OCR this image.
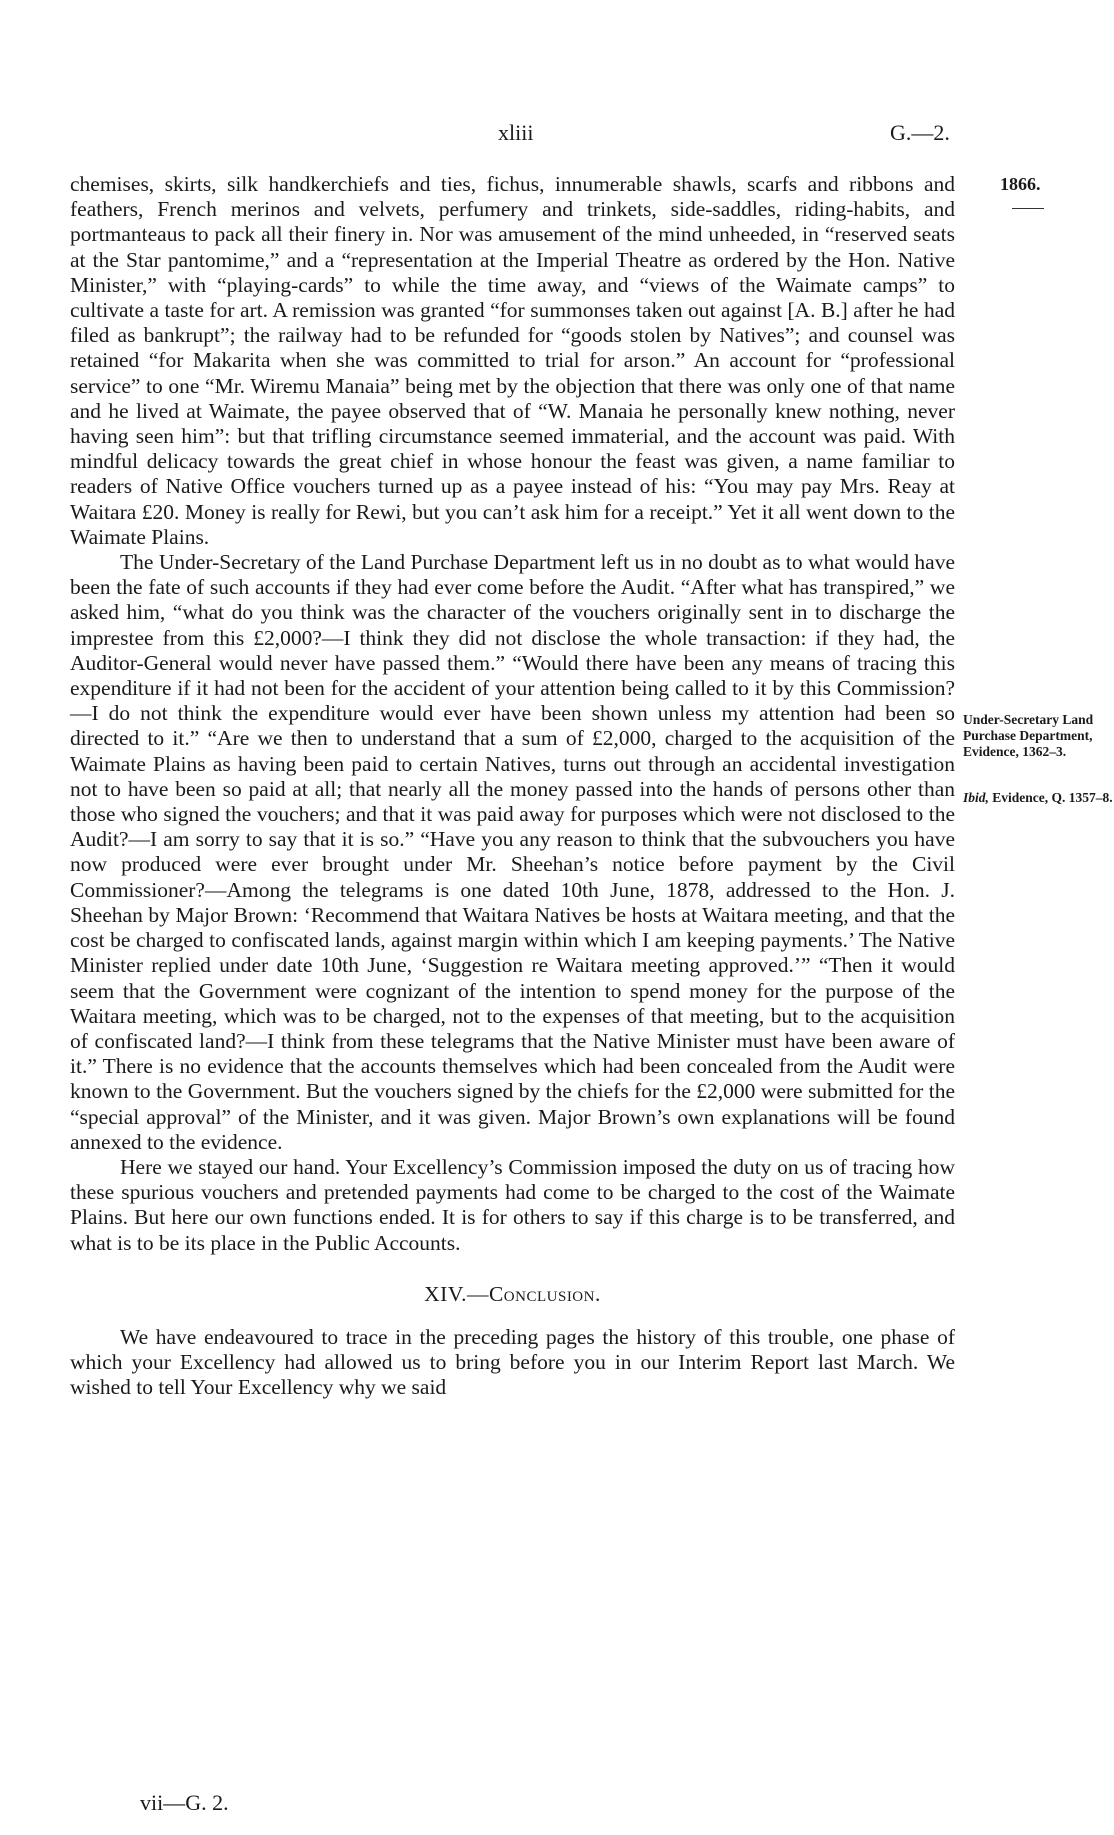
xliii	G.—2.
1866.
Under-Secretary Land Purchase Department, Evidence, 1362–3.
Ibid, Evidence, Q. 1357–8.

chemises, skirts, silk handkerchiefs and ties, fichus, innumerable shawls, scarfs and ribbons and feathers, French merinos and velvets, perfumery and trinkets, side-saddles, riding-habits, and portmanteaus to pack all their finery in. Nor was amusement of the mind unheeded, in “reserved seats at the Star pantomime,” and a “representation at the Imperial Theatre as ordered by the Hon. Native Minister,” with “playing-cards” to while the time away, and “views of the Waimate camps” to cultivate a taste for art. A remission was granted “for summonses taken out against [A. B.] after he had filed as bankrupt”; the railway had to be refunded for “goods stolen by Natives”; and counsel was retained “for Makarita when she was committed to trial for arson.” An account for “professional service” to one “Mr. Wiremu Manaia” being met by the objection that there was only one of that name and he lived at Waimate, the payee observed that of “W. Manaia he personally knew nothing, never having seen him”: but that trifling circumstance seemed immaterial, and the account was paid. With mindful delicacy towards the great chief in whose honour the feast was given, a name familiar to readers of Native Office vouchers turned up as a payee instead of his: “You may pay Mrs. Reay at Waitara £20. Money is really for Rewi, but you can’t ask him for a receipt.” Yet it all went down to the Waimate Plains.

The Under-Secretary of the Land Purchase Department left us in no doubt as to what would have been the fate of such accounts if they had ever come before the Audit. “After what has transpired,” we asked him, “what do you think was the character of the vouchers originally sent in to discharge the imprestee from this £2,000?—I think they did not disclose the whole transaction: if they had, the Auditor-General would never have passed them.” “Would there have been any means of tracing this expenditure if it had not been for the accident of your attention being called to it by this Commission?—I do not think the expenditure would ever have been shown unless my attention had been so directed to it.” “Are we then to understand that a sum of £2,000, charged to the acquisition of the Waimate Plains as having been paid to certain Natives, turns out through an accidental investigation not to have been so paid at all; that nearly all the money passed into the hands of persons other than those who signed the vouchers; and that it was paid away for purposes which were not disclosed to the Audit?—I am sorry to say that it is so.” “Have you any reason to think that the subvouchers you have now produced were ever brought under Mr. Sheehan’s notice before payment by the Civil Commissioner?—Among the telegrams is one dated 10th June, 1878, addressed to the Hon. J. Sheehan by Major Brown: ‘Recommend that Waitara Natives be hosts at Waitara meeting, and that the cost be charged to confiscated lands, against margin within which I am keeping payments.’ The Native Minister replied under date 10th June, ‘Suggestion re Waitara meeting approved.’” “Then it would seem that the Government were cognizant of the intention to spend money for the purpose of the Waitara meeting, which was to be charged, not to the expenses of that meeting, but to the acquisition of confiscated land?—I think from these telegrams that the Native Minister must have been aware of it.” There is no evidence that the accounts themselves which had been concealed from the Audit were known to the Government. But the vouchers signed by the chiefs for the £2,000 were submitted for the “special approval” of the Minister, and it was given. Major Brown’s own explanations will be found annexed to the evidence.

Here we stayed our hand. Your Excellency’s Commission imposed the duty on us of tracing how these spurious vouchers and pretended payments had come to be charged to the cost of the Waimate Plains. But here our own functions ended. It is for others to say if this charge is to be transferred, and what is to be its place in the Public Accounts.

XIV.—Conclusion.

We have endeavoured to trace in the preceding pages the history of this trouble, one phase of which your Excellency had allowed us to bring before you in our Interim Report last March. We wished to tell Your Excellency why we said

vii—G. 2.
